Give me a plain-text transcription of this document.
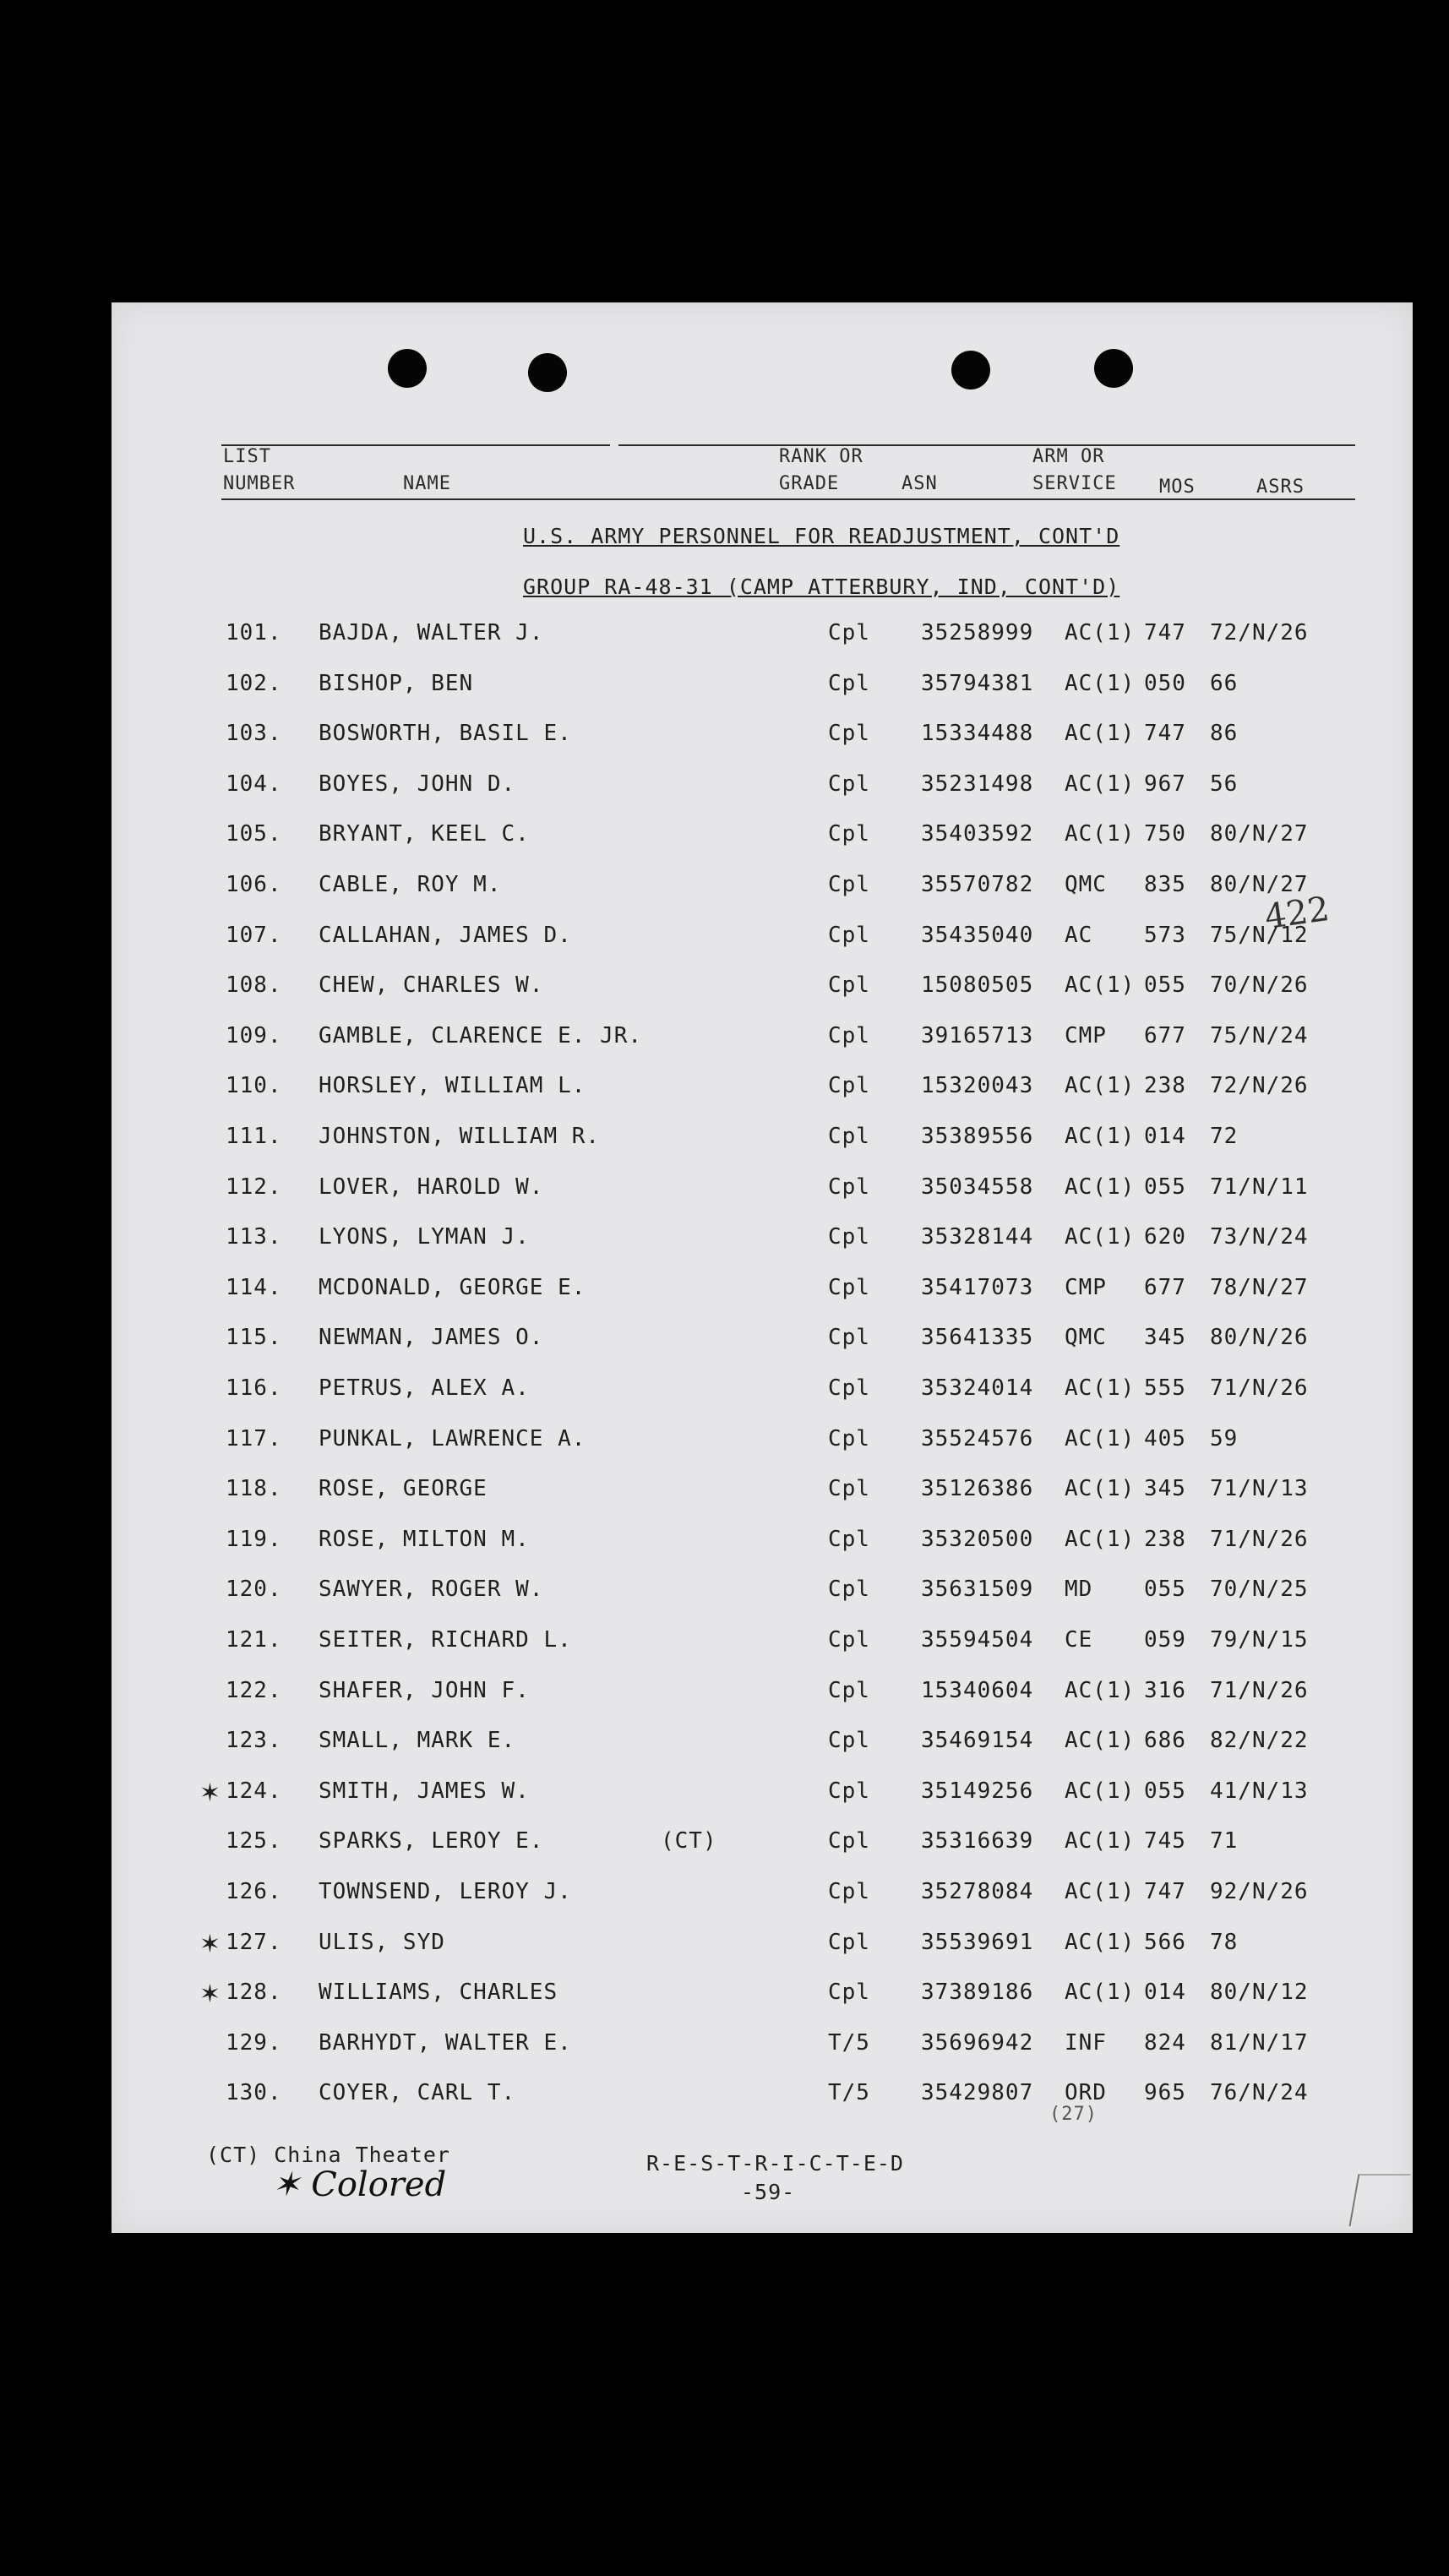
LIST
NUMBER	NAME
RANK OR
GRADE	ASN
ARM OR
SERVICE MOS	ASRS
U.S. ARMY PERSONNEL FOR READJUSTMENT, CONT'D
GROUP RA-48-31 (CAMP ATTERBURY, IND, CONT'D)
422
101. BAJDA, WALTER J.	Cpl 35258999 AC(1) 747 72/N/26
102. BISHOP, BEN	Cpl 35794381 AC(1) 050 66
103. BOSWORTH, BASIL E.	Cpl 15334488 AC(1) 747 86
104. BOYES, JOHN D.	Cpl 35231498 AC(1) 967 56
105. BRYANT, KEEL C.	Cpl 35403592 AC(1) 750 80/N/27
106. CABLE, ROY M.	Cpl 35570782 QMC 835 80/N/27
107. CALLAHAN, JAMES D.	Cpl 35435040 AC 573 75/N/12
108. CHEW, CHARLES W.	Cpl 15080505 AC(1) 055 70/N/26
109. GAMBLE, CLARENCE E. JR.	Cpl 39165713 CMP 677 75/N/24
110. HORSLEY, WILLIAM L.	Cpl 15320043 AC(1) 238 72/N/26
111. JOHNSTON, WILLIAM R.	Cpl 35389556 AC(1) 014 72
112. LOVER, HAROLD W.	Cpl 35034558 AC(1) 055 71/N/11
113. LYONS, LYMAN J.	Cpl 35328144 AC(1) 620 73/N/24
114. MCDONALD, GEORGE E.	Cpl 35417073 CMP 677 78/N/27
115. NEWMAN, JAMES O.	Cpl 35641335 QMC 345 80/N/26
116. PETRUS, ALEX A.	Cpl 35324014 AC(1) 555 71/N/26
117. PUNKAL, LAWRENCE A.	Cpl 35524576 AC(1) 405 59
118. ROSE, GEORGE	Cpl 35126386 AC(1) 345 71/N/13
119. ROSE, MILTON M.	Cpl 35320500 AC(1) 238 71/N/26
120. SAWYER, ROGER W.	Cpl 35631509 MD 055 70/N/25
121. SEITER, RICHARD L.	Cpl 35594504 CE 059 79/N/15
122. SHAFER, JOHN F.	Cpl 15340604 AC(1) 316 71/N/26
123. SMALL, MARK E.	Cpl 35469154 AC(1) 686 82/N/22
✶ 124. SMITH, JAMES W.	Cpl 35149256 AC(1) 055 41/N/13
125. SPARKS, LEROY E.	(CT)	Cpl 35316639 AC(1) 745 71
126. TOWNSEND, LEROY J.	Cpl 35278084 AC(1) 747 92/N/26
✶ 127. ULIS, SYD	Cpl 35539691 AC(1) 566 78
✶ 128. WILLIAMS, CHARLES	Cpl 37389186 AC(1) 014 80/N/12
129. BARHYDT, WALTER E.	T/5 35696942 INF 824 81/N/17
130. COYER, CARL T.	T/5 35429807 ORD 965 76/N/24
(27)
(CT) China Theater
✶ Colored
R-E-S-T-R-I-C-T-E-D
-59-
